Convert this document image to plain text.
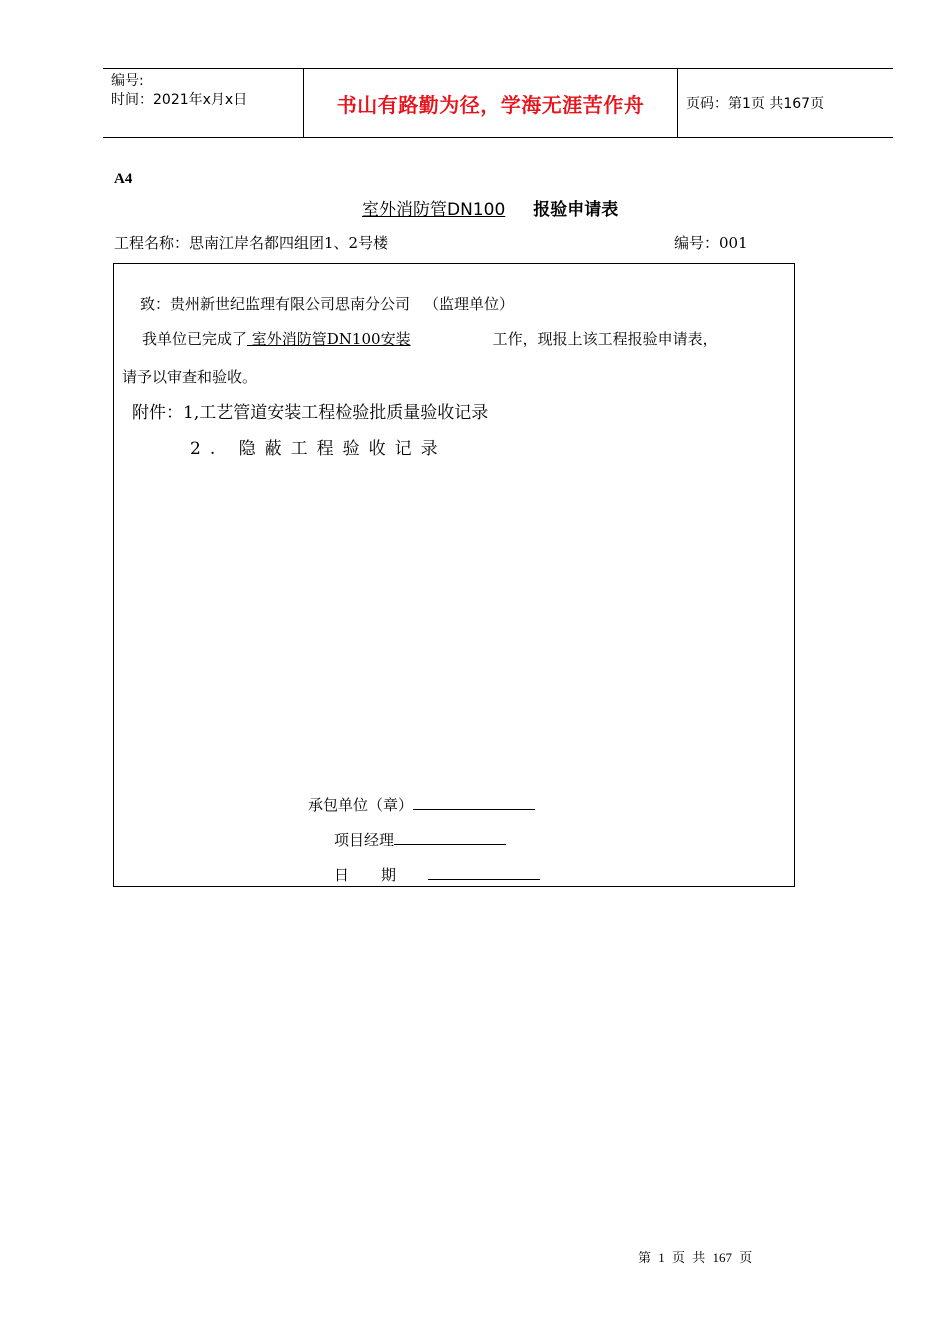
编号:
时间：2021年x月x日	书山有路勤为径，学海无涯苦作舟	页码：第1页 共167页
A4
室外消防管DN100 报验申请表
工程名称：思南江岸名都四组团1、2号楼	编号：001
致：贵州新世纪监理有限公司思南分公司 （监理单位）
我单位已完成了 室外消防管DN100安装	工作，现报上该工程报验申请表，
请予以审查和验收。
附件：1,工艺管道安装工程检验批质量验收记录
2. 隐蔽工程验收记录
承包单位（章）
项目经理
日期
第 1 页 共 167 页
